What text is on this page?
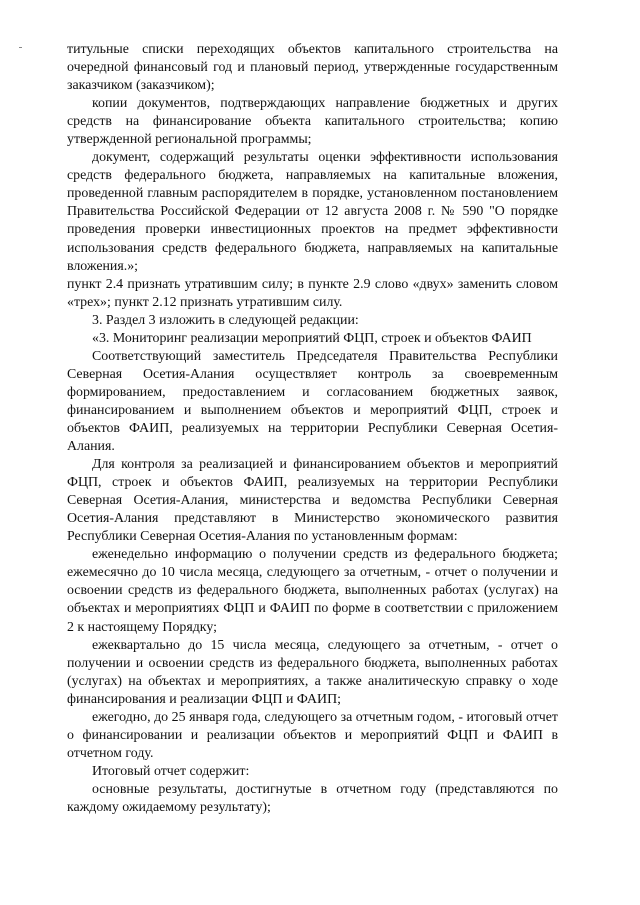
титульные списки переходящих объектов капитального строительства на очередной финансовый год и плановый период, утвержденные государственным заказчиком (заказчиком);

копии документов, подтверждающих направление бюджетных и других средств на финансирование объекта капитального строительства; копию утвержденной региональной программы;

документ, содержащий результаты оценки эффективности использования средств федерального бюджета, направляемых на капитальные вложения, проведенной главным распорядителем в порядке, установленном постановлением Правительства Российской Федерации от 12 августа 2008 г. № 590 "О порядке проведения проверки инвестиционных проектов на предмет эффективности использования средств федерального бюджета, направляемых на капитальные вложения.»;

пункт 2.4 признать утратившим силу; в пункте 2.9 слово «двух» заменить словом «трех»; пункт 2.12 признать утратившим силу.

3. Раздел 3 изложить в следующей редакции:

«3. Мониторинг реализации мероприятий ФЦП, строек и объектов ФАИП

Соответствующий заместитель Председателя Правительства Республики Северная Осетия-Алания осуществляет контроль за своевременным формированием, предоставлением и согласованием бюджетных заявок, финансированием и выполнением объектов и мероприятий ФЦП, строек и объектов ФАИП, реализуемых на территории Республики Северная Осетия-Алания.

Для контроля за реализацией и финансированием объектов и мероприятий ФЦП, строек и объектов ФАИП, реализуемых на территории Республики Северная Осетия-Алания, министерства и ведомства Республики Северная Осетия-Алания представляют в Министерство экономического развития Республики Северная Осетия-Алания по установленным формам:

еженедельно информацию о получении средств из федерального бюджета; ежемесячно до 10 числа месяца, следующего за отчетным, - отчет о получении и освоении средств из федерального бюджета, выполненных работах (услугах) на объектах и мероприятиях ФЦП и ФАИП по форме в соответствии с приложением 2 к настоящему Порядку;

ежеквартально до 15 числа месяца, следующего за отчетным, - отчет о получении и освоении средств из федерального бюджета, выполненных работах (услугах) на объектах и мероприятиях, а также аналитическую справку о ходе финансирования и реализации ФЦП и ФАИП;

ежегодно, до 25 января года, следующего за отчетным годом, - итоговый отчет о финансировании и реализации объектов и мероприятий ФЦП и ФАИП в отчетном году.

Итоговый отчет содержит:

основные результаты, достигнутые в отчетном году (представляются по каждому ожидаемому результату);
